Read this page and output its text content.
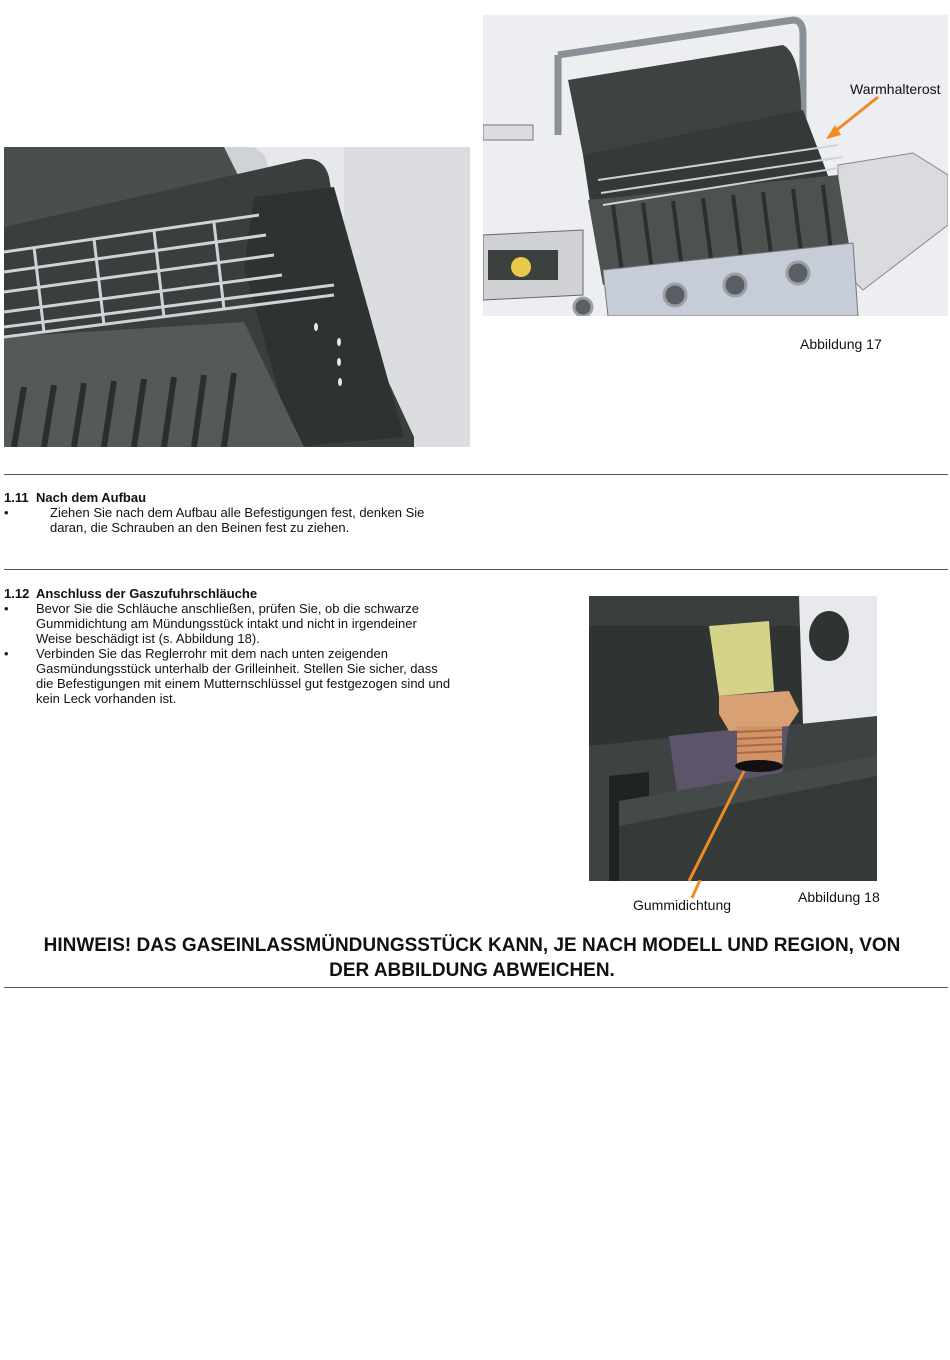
Warmhalterost
Abbildung 17
1.11 Nach dem Aufbau
•	Ziehen Sie nach dem Aufbau alle Befestigungen fest, denken Sie
daran, die Schrauben an den Beinen fest zu ziehen.
1.12 Anschluss der Gaszufuhrschläuche
• Bevor Sie die Schläuche anschließen, prüfen Sie, ob die schwarze
Gummidichtung am Mündungsstück intakt und nicht in irgendeiner
Weise beschädigt ist (s. Abbildung 18).
• Verbinden Sie das Reglerrohr mit dem nach unten zeigenden
Gasmündungsstück unterhalb der Grilleinheit. Stellen Sie sicher, dass
die Befestigungen mit einem Mutternschlüssel gut festgezogen sind und
kein Leck vorhanden ist.
Gummidichtung	Abbildung 18
HINWEIS! DAS GASEINLASSMÜNDUNGSSTÜCK KANN, JE NACH MODELL UND REGION, VON
DER ABBILDUNG ABWEICHEN.
